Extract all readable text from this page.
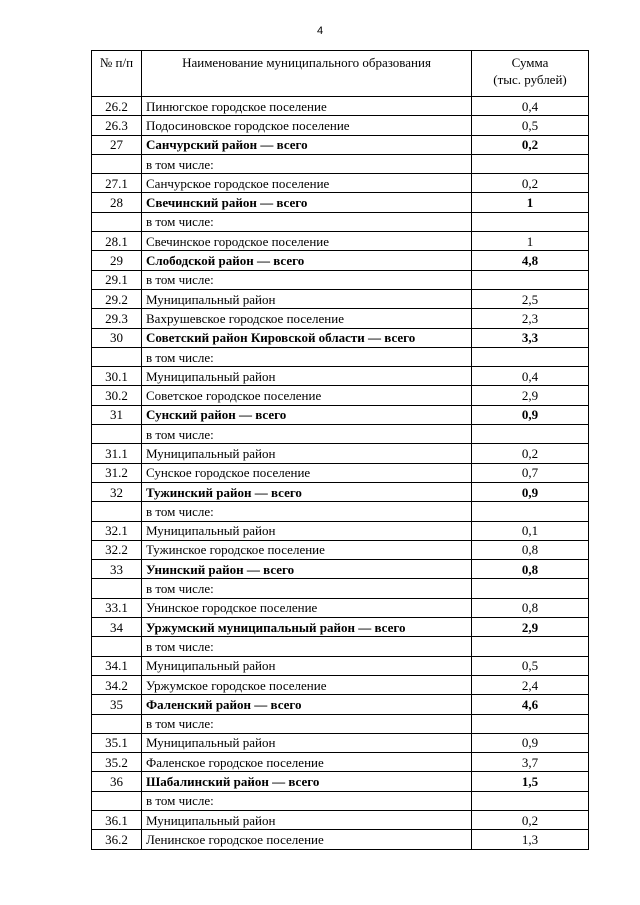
4
№ п/п	Наименование муниципального образования	Сумма
(тыс. рублей)

26.2	Пинюгское городское поселение	0,4
26.3	Подосиновское городское поселение	0,5
27	Санчурский район — всего	0,2
	в том числе:	
27.1	Санчурское городское поселение	0,2
28	Свечинский район — всего	1
	в том числе:	
28.1	Свечинское городское поселение	1
29	Слободской район — всего	4,8
29.1	в том числе:	
29.2	Муниципальный район	2,5
29.3	Вахрушевское городское поселение	2,3
30	Советский район Кировской области — всего	3,3
	в том числе:	
30.1	Муниципальный район	0,4
30.2	Советское городское поселение	2,9
31	Сунский район — всего	0,9
	в том числе:	
31.1	Муниципальный район	0,2
31.2	Сунское городское поселение	0,7
32	Тужинский район — всего	0,9
	в том числе:	
32.1	Муниципальный район	0,1
32.2	Тужинское городское поселение	0,8
33	Унинский район — всего	0,8
	в том числе:	
33.1	Унинское городское поселение	0,8
34	Уржумский муниципальный район — всего	2,9
	в том числе:	
34.1	Муниципальный район	0,5
34.2	Уржумское городское поселение	2,4
35	Фаленский район — всего	4,6
	в том числе:	
35.1	Муниципальный район	0,9
35.2	Фаленское городское поселение	3,7
36	Шабалинский район — всего	1,5
	в том числе:	
36.1	Муниципальный район	0,2
36.2	Ленинское городское поселение	1,3
